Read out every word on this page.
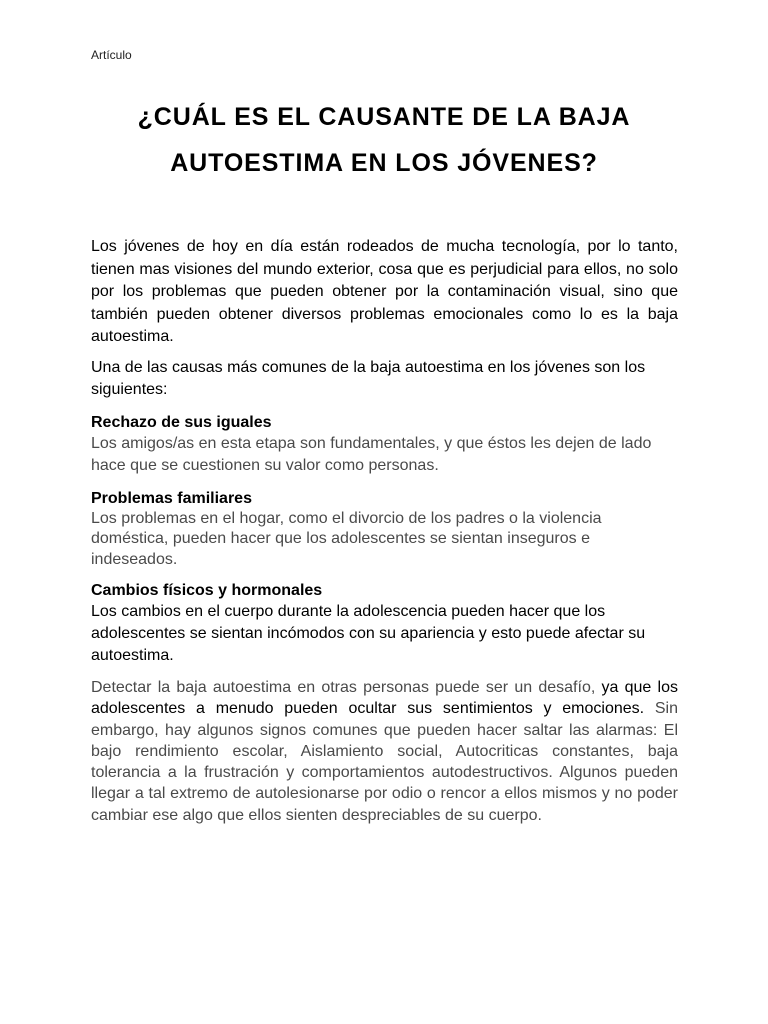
Artículo
¿CUÁL ES EL CAUSANTE DE LA BAJA
AUTOESTIMA EN LOS JÓVENES?

Los jóvenes de hoy en día están rodeados de mucha tecnología, por lo tanto, tienen mas visiones del mundo exterior, cosa que es perjudicial para ellos, no solo por los problemas que pueden obtener por la contaminación visual, sino que también pueden obtener diversos problemas emocionales como lo es la baja autoestima.

Una de las causas más comunes de la baja autoestima en los jóvenes son los siguientes:

Rechazo de sus iguales

Los amigos/as en esta etapa son fundamentales, y que éstos les dejen de lado hace que se cuestionen su valor como personas.

Problemas familiares

Los problemas en el hogar, como el divorcio de los padres o la violencia doméstica, pueden hacer que los adolescentes se sientan inseguros e indeseados.

Cambios físicos y hormonales

Los cambios en el cuerpo durante la adolescencia pueden hacer que los adolescentes se sientan incómodos con su apariencia y esto puede afectar su autoestima.

Detectar la baja autoestima en otras personas puede ser un desafío, ya que los adolescentes a menudo pueden ocultar sus sentimientos y emociones. Sin embargo, hay algunos signos comunes que pueden hacer saltar las alarmas: El bajo rendimiento escolar, Aislamiento social, Autocriticas constantes, baja tolerancia a la frustración y comportamientos autodestructivos. Algunos pueden llegar a tal extremo de autolesionarse por odio o rencor a ellos mismos y no poder cambiar ese algo que ellos sienten despreciables de su cuerpo.
